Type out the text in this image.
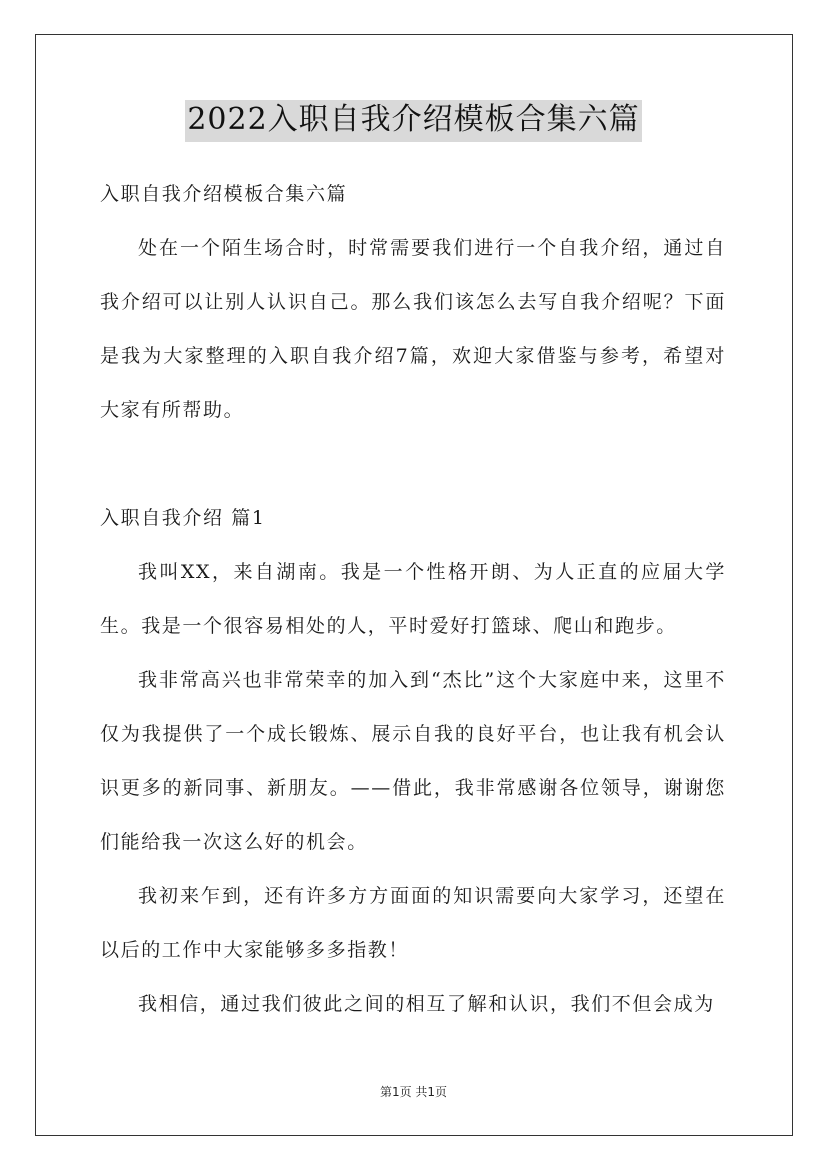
2022入职自我介绍模板合集六篇

入职自我介绍模板合集六篇

处在一个陌生场合时，时常需要我们进行一个自我介绍，通过自我介绍可以让别人认识自己。那么我们该怎么去写自我介绍呢？下面是我为大家整理的入职自我介绍7篇，欢迎大家借鉴与参考，希望对大家有所帮助。

入职自我介绍 篇1

我叫XX，来自湖南。我是一个性格开朗、为人正直的应届大学生。我是一个很容易相处的人，平时爱好打篮球、爬山和跑步。

我非常高兴也非常荣幸的加入到“杰比”这个大家庭中来，这里不仅为我提供了一个成长锻炼、展示自我的良好平台，也让我有机会认识更多的新同事、新朋友。——借此，我非常感谢各位领导，谢谢您们能给我一次这么好的机会。

我初来乍到，还有许多方方面面的知识需要向大家学习，还望在以后的工作中大家能够多多指教！

我相信，通过我们彼此之间的相互了解和认识，我们不但会成为

第1页 共1页
